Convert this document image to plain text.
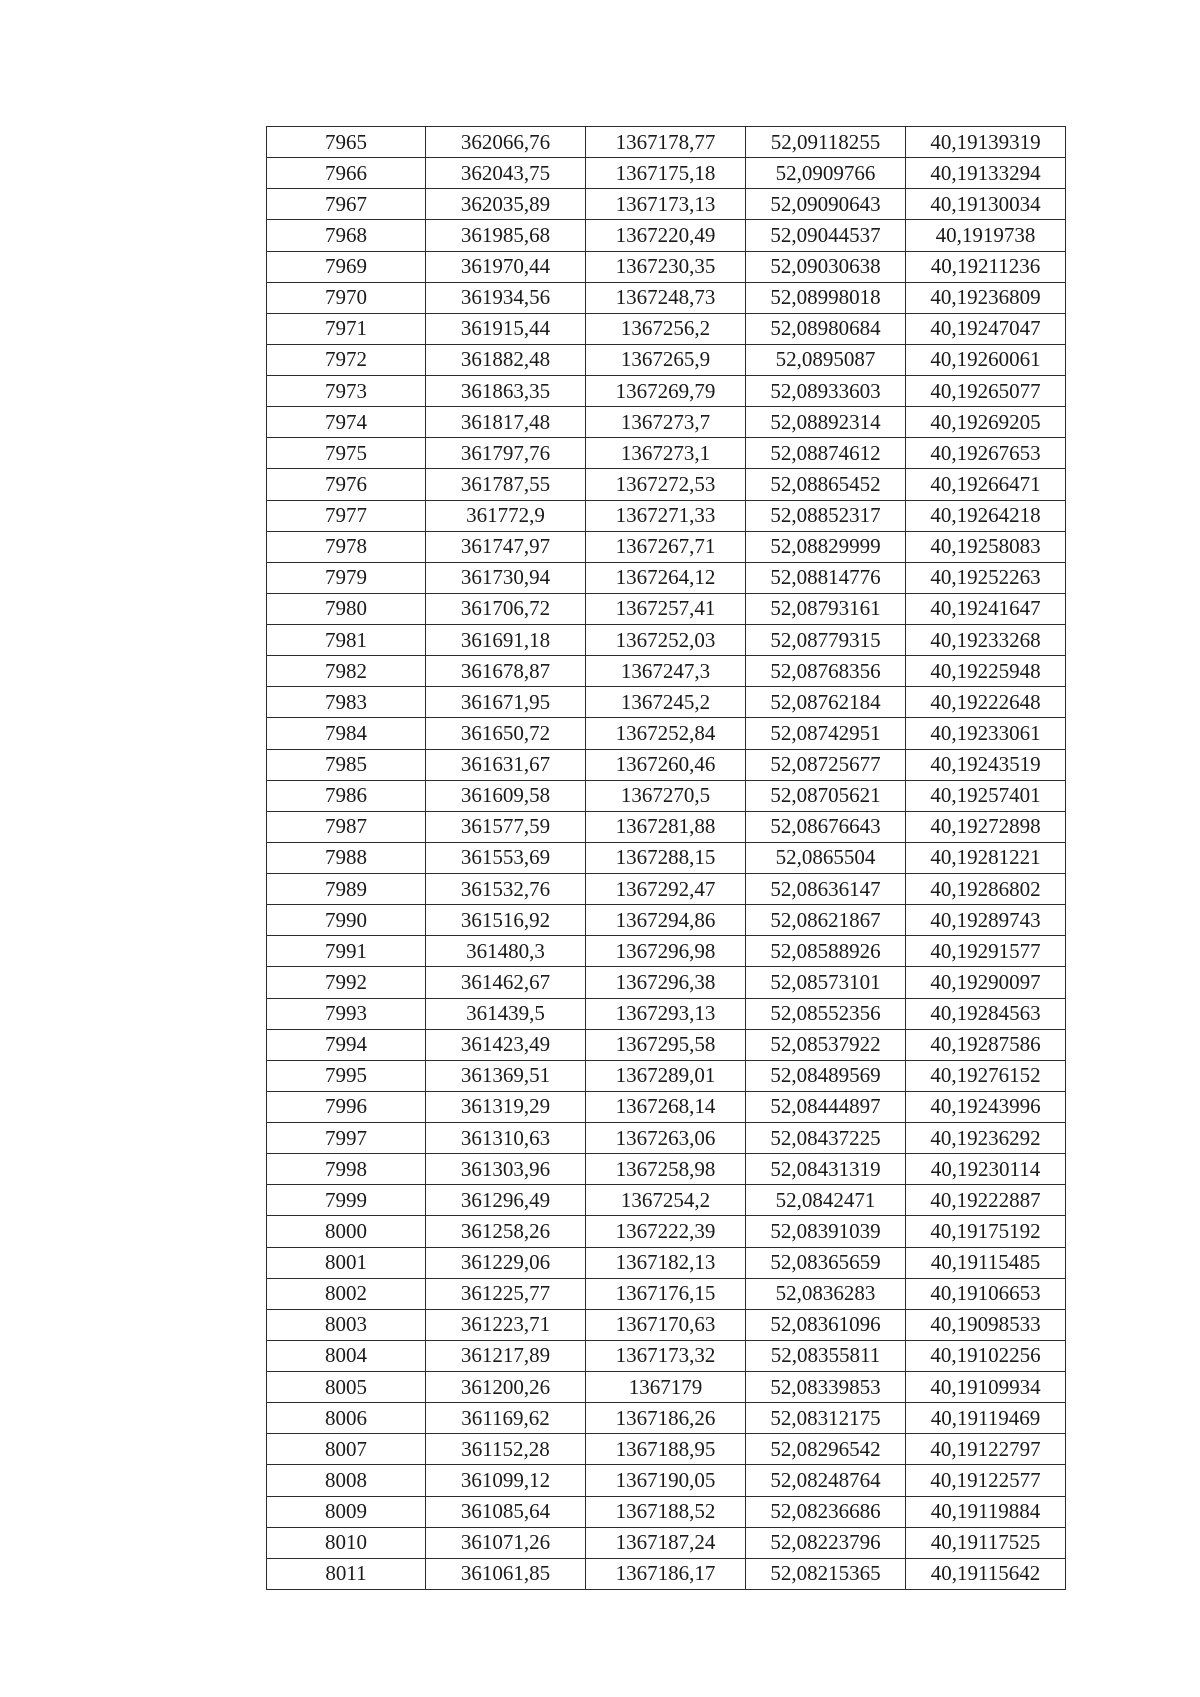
7965	362066,76	1367178,77	52,09118255	40,19139319
7966	362043,75	1367175,18	52,0909766	40,19133294
7967	362035,89	1367173,13	52,09090643	40,19130034
7968	361985,68	1367220,49	52,09044537	40,1919738
7969	361970,44	1367230,35	52,09030638	40,19211236
7970	361934,56	1367248,73	52,08998018	40,19236809
7971	361915,44	1367256,2	52,08980684	40,19247047
7972	361882,48	1367265,9	52,0895087	40,19260061
7973	361863,35	1367269,79	52,08933603	40,19265077
7974	361817,48	1367273,7	52,08892314	40,19269205
7975	361797,76	1367273,1	52,08874612	40,19267653
7976	361787,55	1367272,53	52,08865452	40,19266471
7977	361772,9	1367271,33	52,08852317	40,19264218
7978	361747,97	1367267,71	52,08829999	40,19258083
7979	361730,94	1367264,12	52,08814776	40,19252263
7980	361706,72	1367257,41	52,08793161	40,19241647
7981	361691,18	1367252,03	52,08779315	40,19233268
7982	361678,87	1367247,3	52,08768356	40,19225948
7983	361671,95	1367245,2	52,08762184	40,19222648
7984	361650,72	1367252,84	52,08742951	40,19233061
7985	361631,67	1367260,46	52,08725677	40,19243519
7986	361609,58	1367270,5	52,08705621	40,19257401
7987	361577,59	1367281,88	52,08676643	40,19272898
7988	361553,69	1367288,15	52,0865504	40,19281221
7989	361532,76	1367292,47	52,08636147	40,19286802
7990	361516,92	1367294,86	52,08621867	40,19289743
7991	361480,3	1367296,98	52,08588926	40,19291577
7992	361462,67	1367296,38	52,08573101	40,19290097
7993	361439,5	1367293,13	52,08552356	40,19284563
7994	361423,49	1367295,58	52,08537922	40,19287586
7995	361369,51	1367289,01	52,08489569	40,19276152
7996	361319,29	1367268,14	52,08444897	40,19243996
7997	361310,63	1367263,06	52,08437225	40,19236292
7998	361303,96	1367258,98	52,08431319	40,19230114
7999	361296,49	1367254,2	52,0842471	40,19222887
8000	361258,26	1367222,39	52,08391039	40,19175192
8001	361229,06	1367182,13	52,08365659	40,19115485
8002	361225,77	1367176,15	52,0836283	40,19106653
8003	361223,71	1367170,63	52,08361096	40,19098533
8004	361217,89	1367173,32	52,08355811	40,19102256
8005	361200,26	1367179	52,08339853	40,19109934
8006	361169,62	1367186,26	52,08312175	40,19119469
8007	361152,28	1367188,95	52,08296542	40,19122797
8008	361099,12	1367190,05	52,08248764	40,19122577
8009	361085,64	1367188,52	52,08236686	40,19119884
8010	361071,26	1367187,24	52,08223796	40,19117525
8011	361061,85	1367186,17	52,08215365	40,19115642
